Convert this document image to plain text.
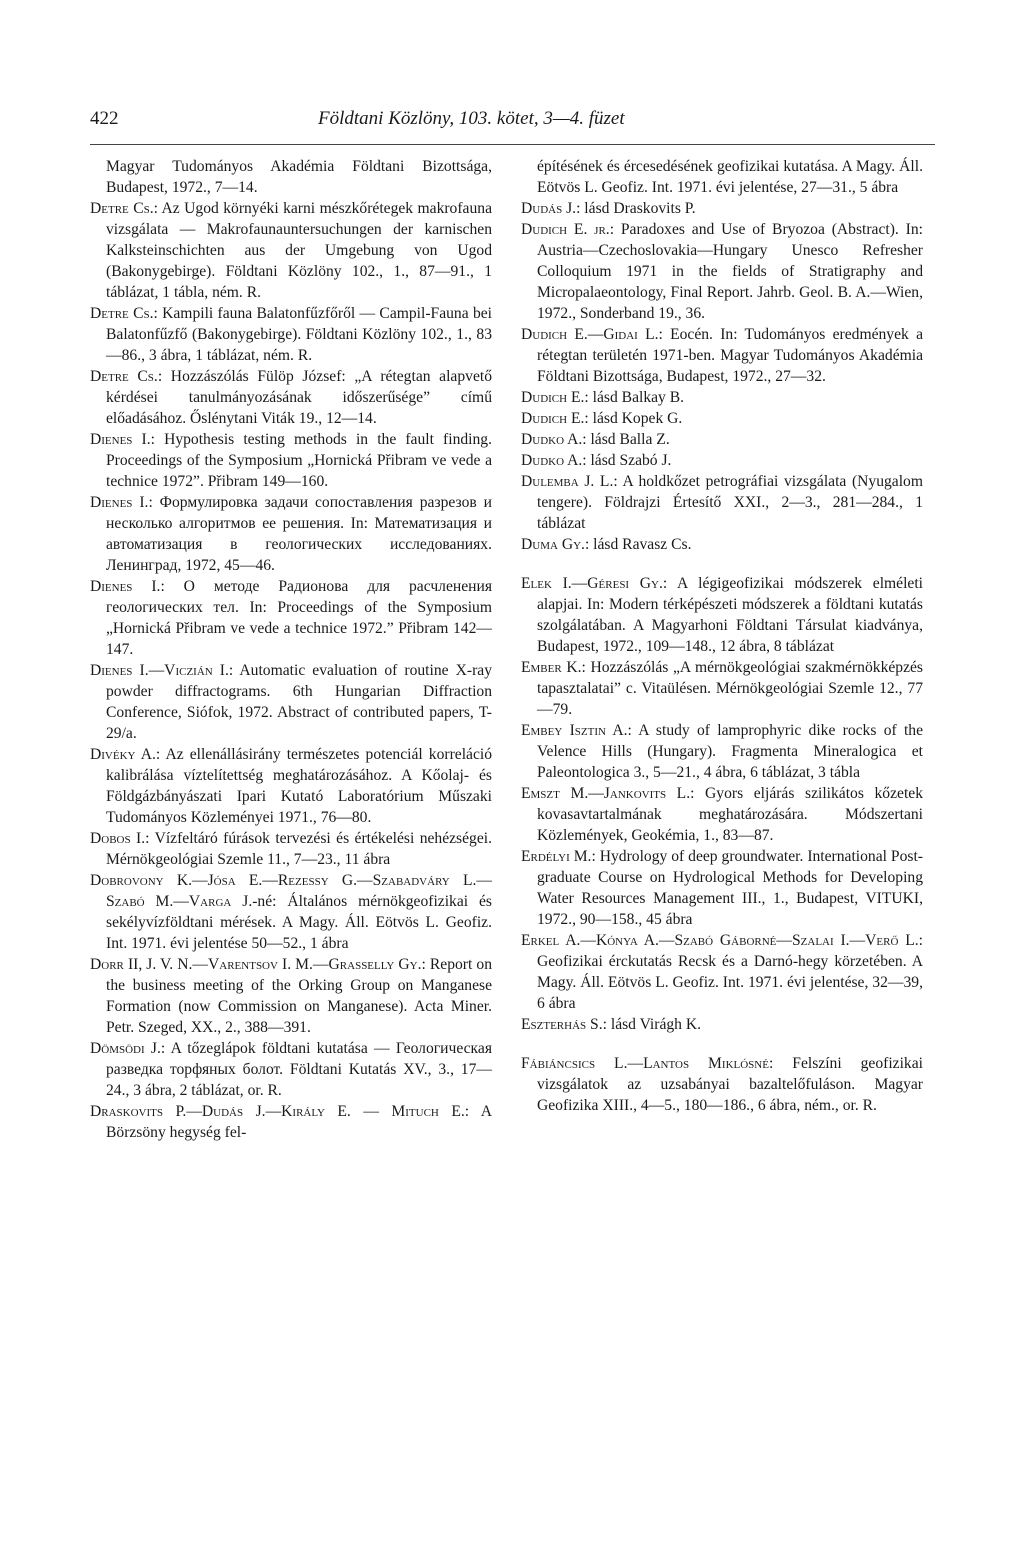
422	Földtani Közlöny, 103. kötet, 3—4. füzet

Magyar Tudományos Akadémia Földtani Bizottsága, Budapest, 1972., 7—14.

Detre Cs.: Az Ugod környéki karni mészkőrétegek makrofauna vizsgálata — Makrofaunauntersuchungen der karnischen Kalksteinschichten aus der Umgebung von Ugod (Bakonygebirge). Földtani Közlöny 102., 1., 87—91., 1 táblázat, 1 tábla, ném. R.

Detre Cs.: Kampili fauna Balatonfűzfőről — Campil-Fauna bei Balatonfűzfő (Bakonygebirge). Földtani Közlöny 102., 1., 83—86., 3 ábra, 1 táblázat, ném. R.

Detre Cs.: Hozzászólás Fülöp József: „A rétegtan alapvető kérdései tanulmányozásának időszerűsége” című előadásához. Őslénytani Viták 19., 12—14.

Dienes I.: Hypothesis testing methods in the fault finding. Proceedings of the Symposium „Hornická Přibram ve vede a technice 1972”. Přibram 149—160.

Dienes I.: Формулировка задачи сопоставления разрезов и несколько алгоритмов ее решения. In: Математизация и автоматизация в геологических исследованиях. Ленинград, 1972, 45—46.

Dienes I.: О методе Радионова для расчленения геологических тел. In: Proceedings of the Symposium „Hornická Přibram ve vede a technice 1972.” Přibram 142—147.

Dienes I.—Viczián I.: Automatic evaluation of routine X-ray powder diffractograms. 6th Hungarian Diffraction Conference, Siófok, 1972. Abstract of contributed papers, T-29/a.

Divéky A.: Az ellenállásirány természetes potenciál korreláció kalibrálása víztelítettség meghatározásához. A Kőolaj- és Földgázbányászati Ipari Kutató Laboratórium Műszaki Tudományos Közleményei 1971., 76—80.

Dobos I.: Vízfeltáró fúrások tervezési és értékelési nehézségei. Mérnökgeológiai Szemle 11., 7—23., 11 ábra

Dobrovony K.—Jósa E.—Rezessy G.—Szabadváry L.—Szabó M.—Varga J.-né: Általános mérnökgeofizikai és sekélyvízföldtani mérések. A Magy. Áll. Eötvös L. Geofiz. Int. 1971. évi jelentése 50—52., 1 ábra

Dorr II, J. V. N.—Varentsov I. M.—Grasselly Gy.: Report on the business meeting of the Orking Group on Manganese Formation (now Commission on Manganese). Acta Miner. Petr. Szeged, XX., 2., 388—391.

Dömsödi J.: A tőzeglápok földtani kutatása — Геологическая разведка торфяных болот. Földtani Kutatás XV., 3., 17—24., 3 ábra, 2 táblázat, or. R.

Draskovits P.—Dudás J.—Király E. — Mituch E.: A Börzsöny hegység fel-

építésének és ércesedésének geofizikai kutatása. A Magy. Áll. Eötvös L. Geofiz. Int. 1971. évi jelentése, 27—31., 5 ábra

Dudás J.: lásd Draskovits P.

Dudich E. jr.: Paradoxes and Use of Bryozoa (Abstract). In: Austria—Czechoslovakia—Hungary Unesco Refresher Colloquium 1971 in the fields of Stratigraphy and Micropalaeontology, Final Report. Jahrb. Geol. B. A.—Wien, 1972., Sonderband 19., 36.

Dudich E.—Gidai L.: Eocén. In: Tudományos eredmények a rétegtan területén 1971-ben. Magyar Tudományos Akadémia Földtani Bizottsága, Budapest, 1972., 27—32.

Dudich E.: lásd Balkay B.

Dudich E.: lásd Kopek G.

Dudko A.: lásd Balla Z.

Dudko A.: lásd Szabó J.

Dulemba J. L.: A holdkőzet petrográfiai vizsgálata (Nyugalom tengere). Földrajzi Értesítő XXI., 2—3., 281—284., 1 táblázat

Duma Gy.: lásd Ravasz Cs.

Elek I.—Géresi Gy.: A légigeofizikai módszerek elméleti alapjai. In: Modern térképészeti módszerek a földtani kutatás szolgálatában. A Magyarhoni Földtani Társulat kiadványa, Budapest, 1972., 109—148., 12 ábra, 8 táblázat

Ember K.: Hozzászólás „A mérnökgeológiai szakmérnökképzés tapasztalatai” c. Vitaülésen. Mérnökgeológiai Szemle 12., 77—79.

Embey Isztin A.: A study of lamprophyric dike rocks of the Velence Hills (Hungary). Fragmenta Mineralogica et Paleontologica 3., 5—21., 4 ábra, 6 táblázat, 3 tábla

Emszt M.—Jankovits L.: Gyors eljárás szilikátos kőzetek kovasavtartalmának meghatározására. Módszertani Közlemények, Geokémia, 1., 83—87.

Erdélyi M.: Hydrology of deep groundwater. International Post-graduate Course on Hydrological Methods for Developing Water Resources Management III., 1., Budapest, VITUKI, 1972., 90—158., 45 ábra

Erkel A.—Kónya A.—Szabó Gáborné—Szalai I.—Verő L.: Geofizikai érckutatás Recsk és a Darnó-hegy körzetében. A Magy. Áll. Eötvös L. Geofiz. Int. 1971. évi jelentése, 32—39, 6 ábra

Eszterhás S.: lásd Virágh K.

Fábiáncsics L.—Lantos Miklósné: Felszíni geofizikai vizsgálatok az uzsabányai bazaltelőfuláson. Magyar Geofizika XIII., 4—5., 180—186., 6 ábra, ném., or. R.
